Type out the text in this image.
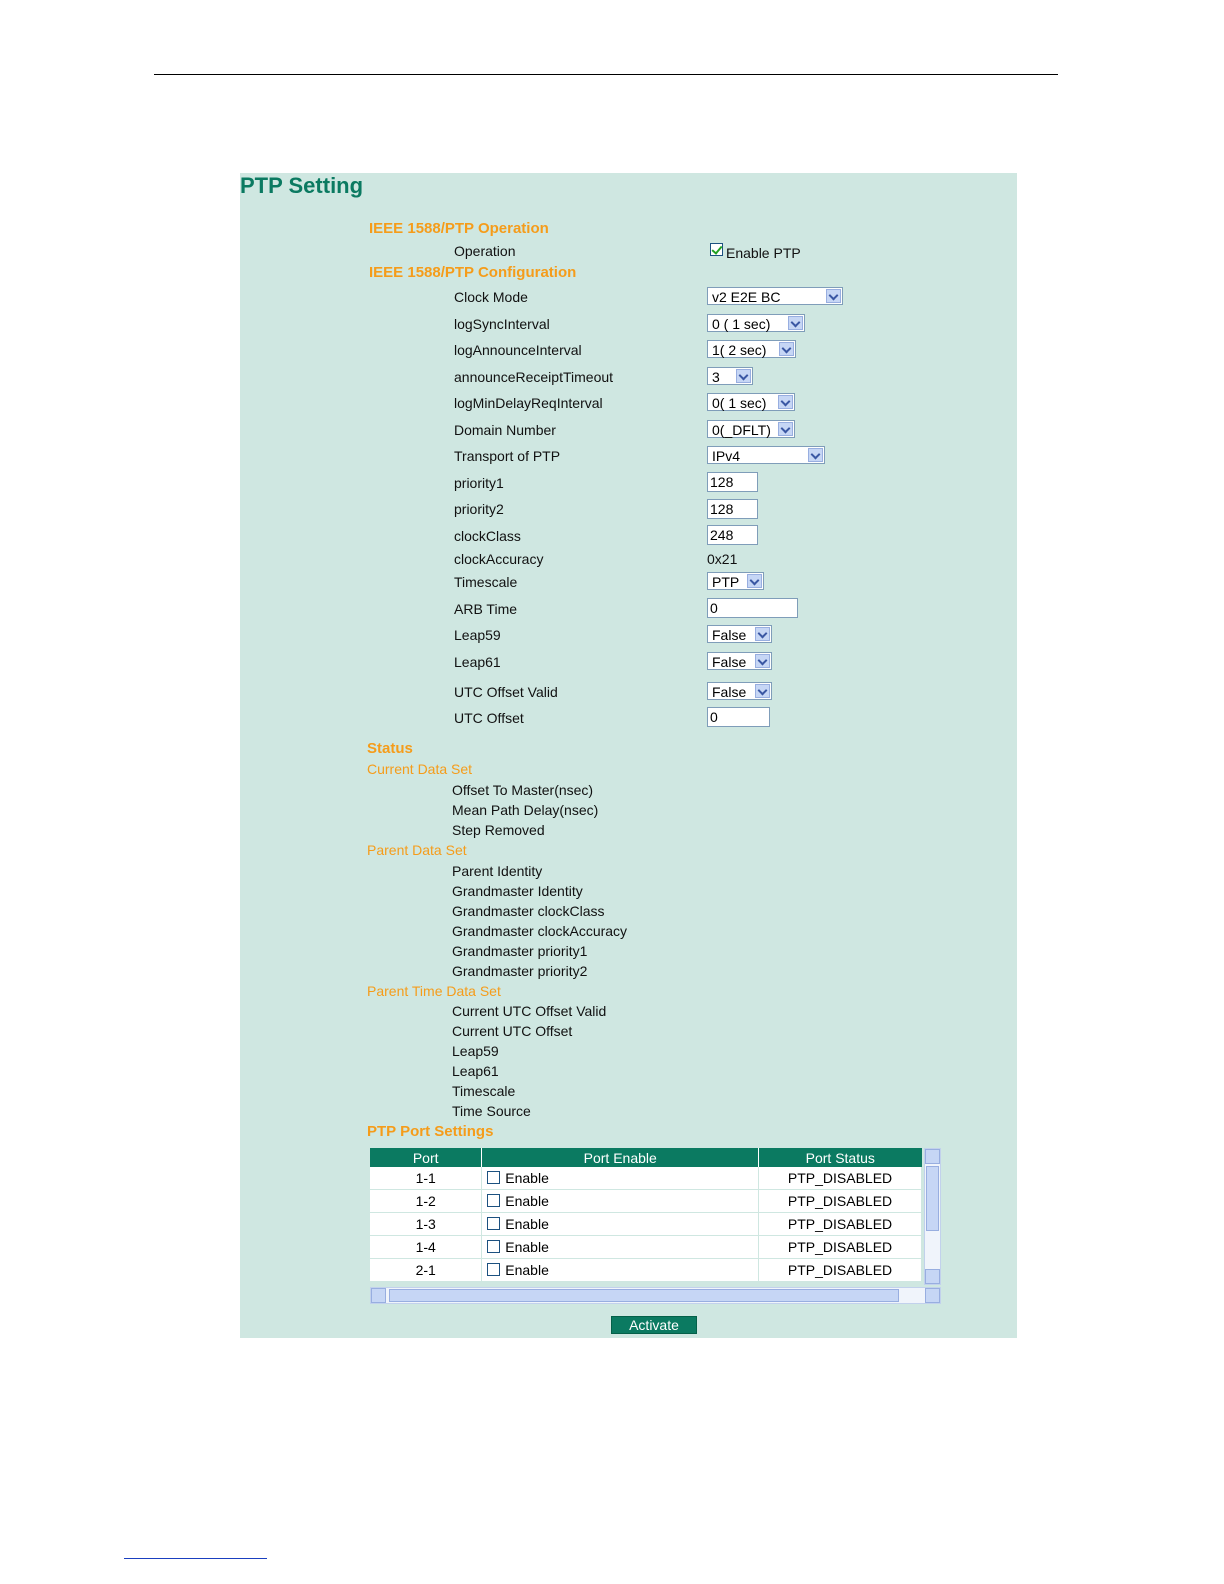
PTP Setting
IEEE 1588/PTP Operation
Operation	Enable PTP
IEEE 1588/PTP Configuration
Clock Mode	v2 E2E BC
logSyncInterval	0 ( 1 sec)
logAnnounceInterval	1( 2 sec)
announceReceiptTimeout	3
logMinDelayReqInterval	0( 1 sec)
Domain Number	0(_DFLT)
Transport of PTP	IPv4
priority1	128
priority2	128
clockClass	248
clockAccuracy	0x21
Timescale	PTP
ARB Time	0
Leap59	False
Leap61	False
UTC Offset Valid	False
UTC Offset	0
Status
Current Data Set
Offset To Master(nsec)
Mean Path Delay(nsec)
Step Removed
Parent Data Set
Parent Identity
Grandmaster Identity
Grandmaster clockClass
Grandmaster clockAccuracy
Grandmaster priority1
Grandmaster priority2
Parent Time Data Set
Current UTC Offset Valid
Current UTC Offset
Leap59
Leap61
Timescale
Time Source
PTP Port Settings
Port	Port Enable	Port Status
1-1	Enable	PTP_DISABLED
1-2	Enable	PTP_DISABLED
1-3	Enable	PTP_DISABLED
1-4	Enable	PTP_DISABLED
2-1	Enable	PTP_DISABLED
Activate
